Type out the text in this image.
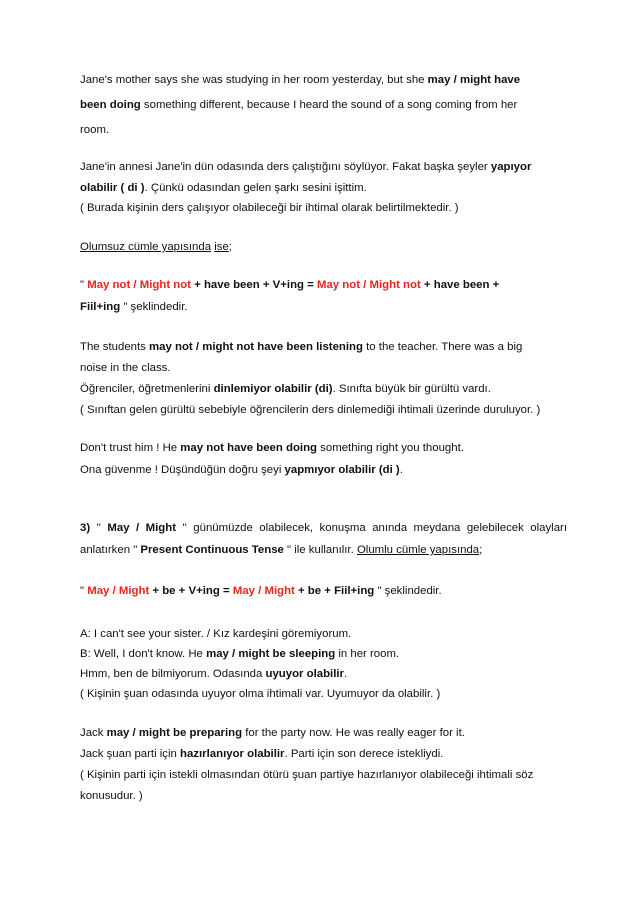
Jane's mother says she was studying in her room yesterday, but she may / might have
been doing something different, because I heard the sound of a song coming from her
room.
Jane'in annesi Jane'in dün odasında ders çalıştığını söylüyor. Fakat başka şeyler yapıyor
olabilir ( di ). Çünkü odasından gelen şarkı sesini işittim.
( Burada kişinin ders çalışıyor olabileceği bir ihtimal olarak belirtilmektedir. )
Olumsuz cümle yapısında ise;
" May not / Might not + have been + V+ing = May not / Might not + have been +
Fiil+ing " şeklindedir.
The students may not / might not have been listening to the teacher. There was a big
noise in the class.
Öğrenciler, öğretmenlerini dinlemiyor olabilir (di). Sınıfta büyük bir gürültü vardı.
( Sınıftan gelen gürültü sebebiyle öğrencilerin ders dinlemediği ihtimali üzerinde duruluyor. )
Don't trust him ! He may not have been doing something right you thought.
Ona güvenme ! Düşündüğün doğru şeyi yapmıyor olabilir (di ).
3) '' May / Might '' günümüzde olabilecek, konuşma anında meydana gelebilecek olayları
anlatırken " Present Continuous Tense " ile kullanılır. Olumlu cümle yapısında;
" May / Might + be + V+ing = May / Might + be + Fiil+ing " şeklindedir.
A: I can't see your sister. / Kız kardeşini göremiyorum.
B: Well, I don't know. He may / might be sleeping in her room.
Hmm, ben de bilmiyorum. Odasında uyuyor olabilir.
( Kişinin şuan odasında uyuyor olma ihtimali var. Uyumuyor da olabilir. )
Jack may / might be preparing for the party now. He was really eager for it.
Jack şuan parti için hazırlanıyor olabilir. Parti için son derece istekliydi.
( Kişinin parti için istekli olmasından ötürü şuan partiye hazırlanıyor olabileceği ihtimali söz
konusudur. )
